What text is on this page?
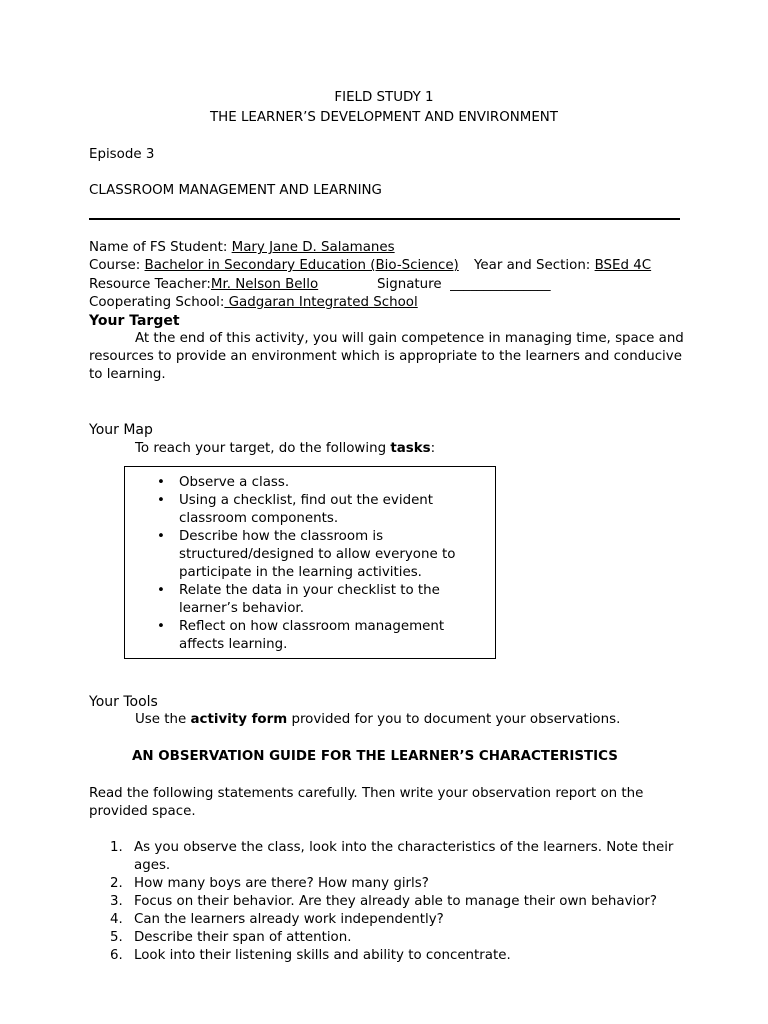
FIELD STUDY 1
THE LEARNER’S DEVELOPMENT AND ENVIRONMENT
Episode 3
CLASSROOM MANAGEMENT AND LEARNING
Name of FS Student: Mary Jane D. Salamanes
Course: Bachelor in Secondary Education (Bio-Science) Year and Section: BSEd 4C
Resource Teacher:Mr. Nelson Bello	Signature _______________
Cooperating School: Gadgaran Integrated School
Your Target
At the end of this activity, you will gain competence in managing time, space and resources to provide an environment which is appropriate to the learners and conducive to learning.
Your Map
To reach your target, do the following tasks:
• Observe a class.
• Using a checklist, find out the evident classroom components.
• Describe how the classroom is structured/designed to allow everyone to participate in the learning activities.
• Relate the data in your checklist to the learner’s behavior.
• Reflect on how classroom management affects learning.
Your Tools
Use the activity form provided for you to document your observations.
AN OBSERVATION GUIDE FOR THE LEARNER’S CHARACTERISTICS
Read the following statements carefully. Then write your observation report on the provided space.
1. As you observe the class, look into the characteristics of the learners. Note their ages.
2. How many boys are there? How many girls?
3. Focus on their behavior. Are they already able to manage their own behavior?
4. Can the learners already work independently?
5. Describe their span of attention.
6. Look into their listening skills and ability to concentrate.
